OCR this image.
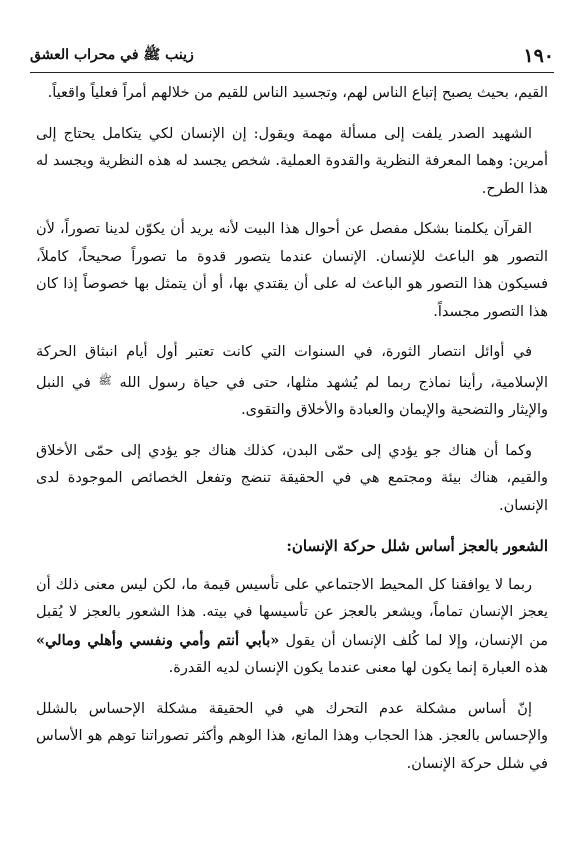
١٩٠
زينب ﷺ في محراب العشق

القيم، بحيث يصبح إتباع الناس لهم، وتجسيد الناس للقيم من خلالهم أمراً فعلياً واقعياً.

الشهيد الصدر يلفت إلى مسألة مهمة ويقول: إن الإنسان لكي يتكامل يحتاج إلى أمرين: وهما المعرفة النظرية والقدوة العملية. شخص يجسد له هذه النظرية ويجسد له هذا الطرح.

القرآن يكلمنا بشكل مفصل عن أحوال هذا البيت لأنه يريد أن يكوّن لدينا تصوراً، لأن التصور هو الباعث للإنسان. الإنسان عندما يتصور قدوة ما تصوراً صحيحاً، كاملاً، فسيكون هذا التصور هو الباعث له على أن يقتدي بها، أو أن يتمثل بها خصوصاً إذا كان هذا التصور مجسداً.

في أوائل انتصار الثورة، في السنوات التي كانت تعتبر أول أيام انبثاق الحركة الإسلامية، رأينا نماذج ربما لم يُشهد مثلها، حتى في حياة رسول الله $^ﷺ$ في النبل والإيثار والتضحية والإيمان والعبادة والأخلاق والتقوى.

وكما أن هناك جو يؤدي إلى حمّى البدن، كذلك هناك جو يؤدي إلى حمّى الأخلاق والقيم، هناك بيئة ومجتمع هي في الحقيقة تنضج وتفعل الخصائص الموجودة لدى الإنسان.

الشعور بالعجز أساس شلل حركة الإنسان:

ربما لا يوافقنا كل المحيط الاجتماعي على تأسيس قيمة ما، لكن ليس معنى ذلك أن يعجز الإنسان تماماً، ويشعر بالعجز عن تأسيسها في بيته. هذا الشعور بالعجز لا يُقبل من الإنسان، وإلا لما كُلف الإنسان أن يقول «بأبي أنتم وأمي ونفسي وأهلي ومالي» هذه العبارة إنما يكون لها معنى عندما يكون الإنسان لديه القدرة.

إنّ أساس مشكلة عدم التحرك هي في الحقيقة مشكلة الإحساس بالشلل والإحساس بالعجز. هذا الحجاب وهذا المانع، هذا الوهم وأكثر تصوراتنا توهم هو الأساس في شلل حركة الإنسان.
